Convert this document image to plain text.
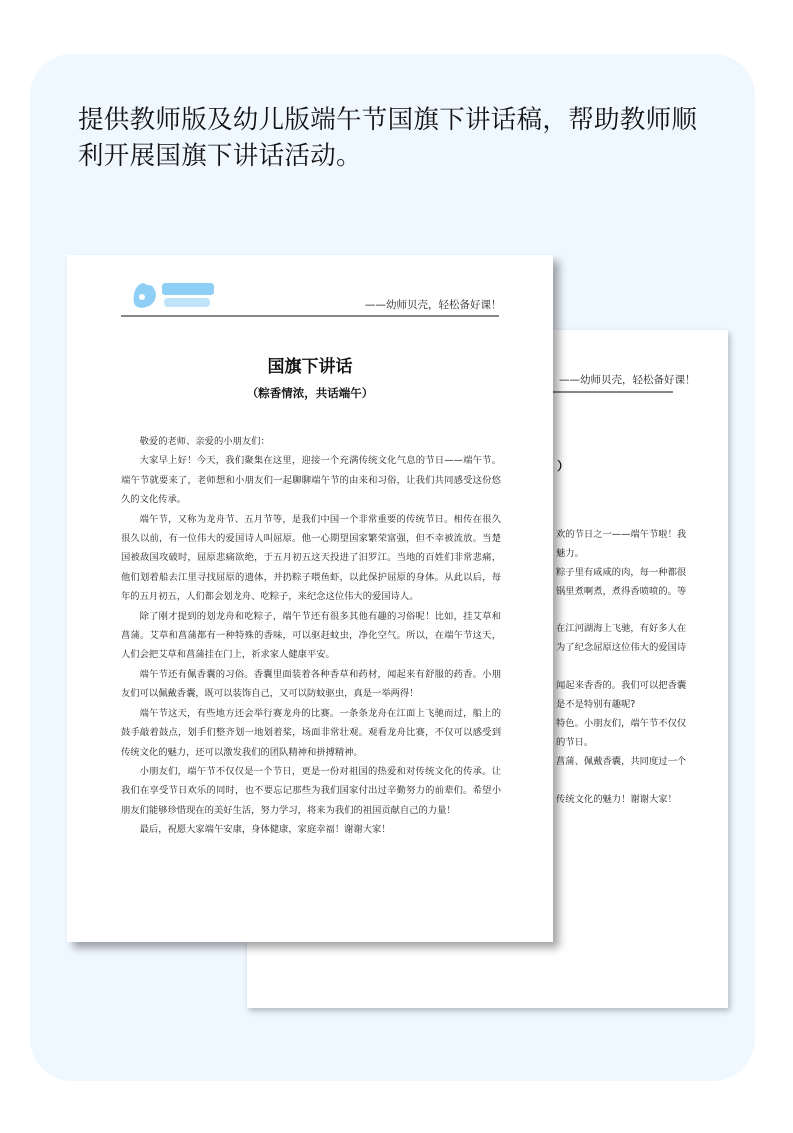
提供教师版及幼儿版端午节国旗下讲话稿，帮助教师顺利开展国旗下讲话活动。
——幼师贝壳，轻松备好课！
）
欢的节日之一——端午节啦！我
魅力。
粽子里有咸咸的肉，每一种都很
锅里煮啊煮，煮得香喷喷的。等
在江河湖海上飞驰，有好多人在
为了纪念屈原这位伟大的爱国诗
闻起来香香的。我们可以把香囊
是不是特别有趣呢?
特色。小朋友们，端午节不仅仅
的节日。
菖蒲、佩戴香囊，共同度过一个
传统文化的魅力！谢谢大家！
——幼师贝壳，轻松备好课！
国旗下讲话
（粽香情浓，共话端午）

敬爱的老师、亲爱的小朋友们：

大家早上好！今天，我们聚集在这里，迎接一个充满传统文化气息的节日——端午节。端午节就要来了，老师想和小朋友们一起聊聊端午节的由来和习俗，让我们共同感受这份悠久的文化传承。

端午节，又称为龙舟节、五月节等，是我们中国一个非常重要的传统节日。相传在很久很久以前，有一位伟大的爱国诗人叫屈原。他一心期望国家繁荣富强，但不幸被流放。当楚国被敌国攻破时，屈原悲痛欲绝，于五月初五这天投进了汨罗江。当地的百姓们非常悲痛，他们划着船去江里寻找屈原的遗体，并扔粽子喂鱼虾，以此保护屈原的身体。从此以后，每年的五月初五，人们都会划龙舟、吃粽子，来纪念这位伟大的爱国诗人。

除了刚才提到的划龙舟和吃粽子，端午节还有很多其他有趣的习俗呢！比如，挂艾草和菖蒲。艾草和菖蒲都有一种特殊的香味，可以驱赶蚊虫，净化空气。所以，在端午节这天，人们会把艾草和菖蒲挂在门上，祈求家人健康平安。

端午节还有佩香囊的习俗。香囊里面装着各种香草和药材，闻起来有舒服的药香。小朋友们可以佩戴香囊，既可以装饰自己，又可以防蚊驱虫，真是一举两得！

端午节这天，有些地方还会举行赛龙舟的比赛。一条条龙舟在江面上飞驰而过，船上的鼓手敲着鼓点，划手们整齐划一地划着桨，场面非常壮观。观看龙舟比赛，不仅可以感受到传统文化的魅力，还可以激发我们的团队精神和拼搏精神。

小朋友们，端午节不仅仅是一个节日，更是一份对祖国的热爱和对传统文化的传承。让我们在享受节日欢乐的同时，也不要忘记那些为我们国家付出过辛勤努力的前辈们。希望小朋友们能够珍惜现在的美好生活，努力学习，将来为我们的祖国贡献自己的力量！

最后，祝愿大家端午安康，身体健康，家庭幸福！谢谢大家！
